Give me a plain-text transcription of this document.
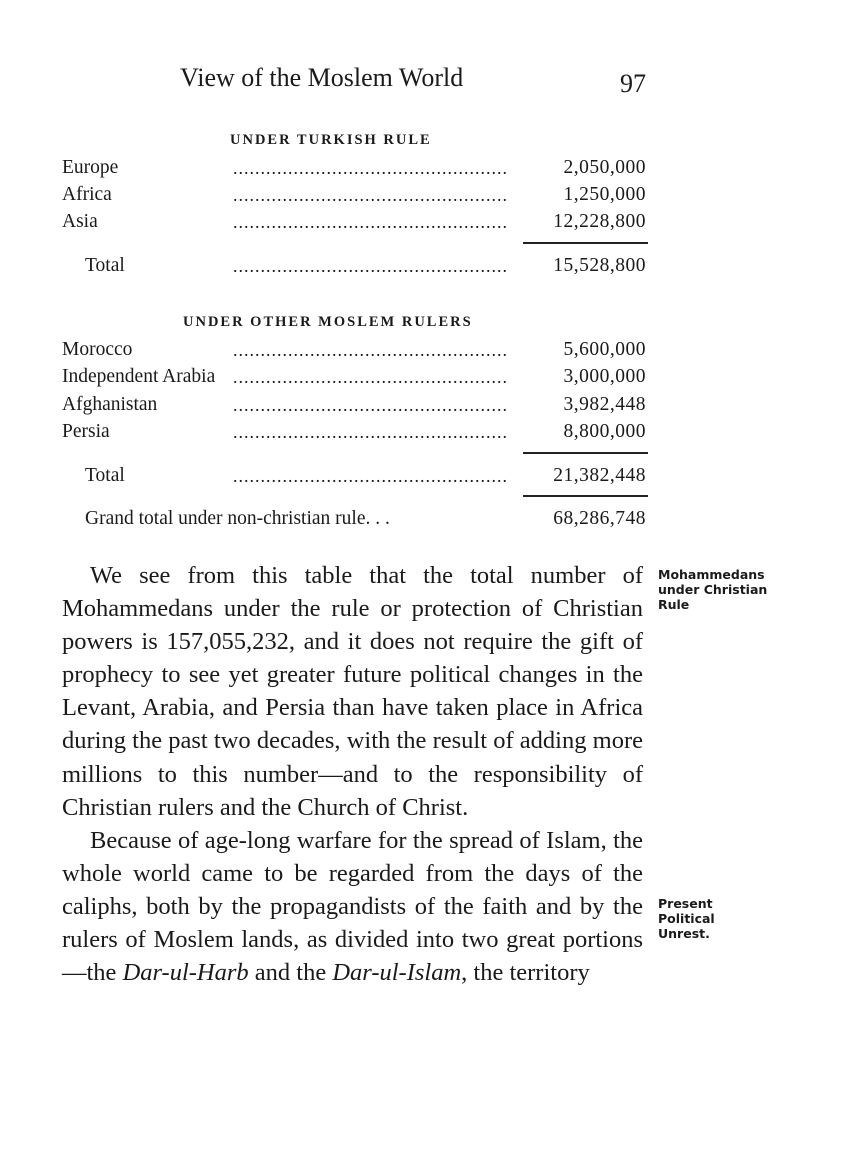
View of the Moslem World	97
UNDER TURKISH RULE
..................................................
Europe	2,050,000
..................................................
Africa	1,250,000
..................................................
Asia	12,228,800
..................................................
Total	15,528,800
UNDER OTHER MOSLEM RULERS
..................................................
Morocco	5,600,000
..................................................
Independent Arabia	3,000,000
..................................................
Afghanistan	3,982,448
..................................................
Persia	8,800,000
..................................................
Total	21,382,448
Grand total under non-christian rule. . .	68,286,748

We see from this table that the total number of Mohammedans under the rule or protection of Christian powers is 157,055,232, and it does not require the gift of prophecy to see yet greater future political changes in the Levant, Arabia, and Persia than have taken place in Africa during the past two decades, with the result of adding more millions to this number—and to the responsibility of Christian rulers and the Church of Christ.

Because of age-long warfare for the spread of Islam, the whole world came to be regarded from the days of the caliphs, both by the propagandists of the faith and by the rulers of Moslem lands, as divided into two great portions—the Dar-ul-Harb and the Dar-ul-Islam, the territory

Mohammedans under Christian Rule
Present Political Unrest.
